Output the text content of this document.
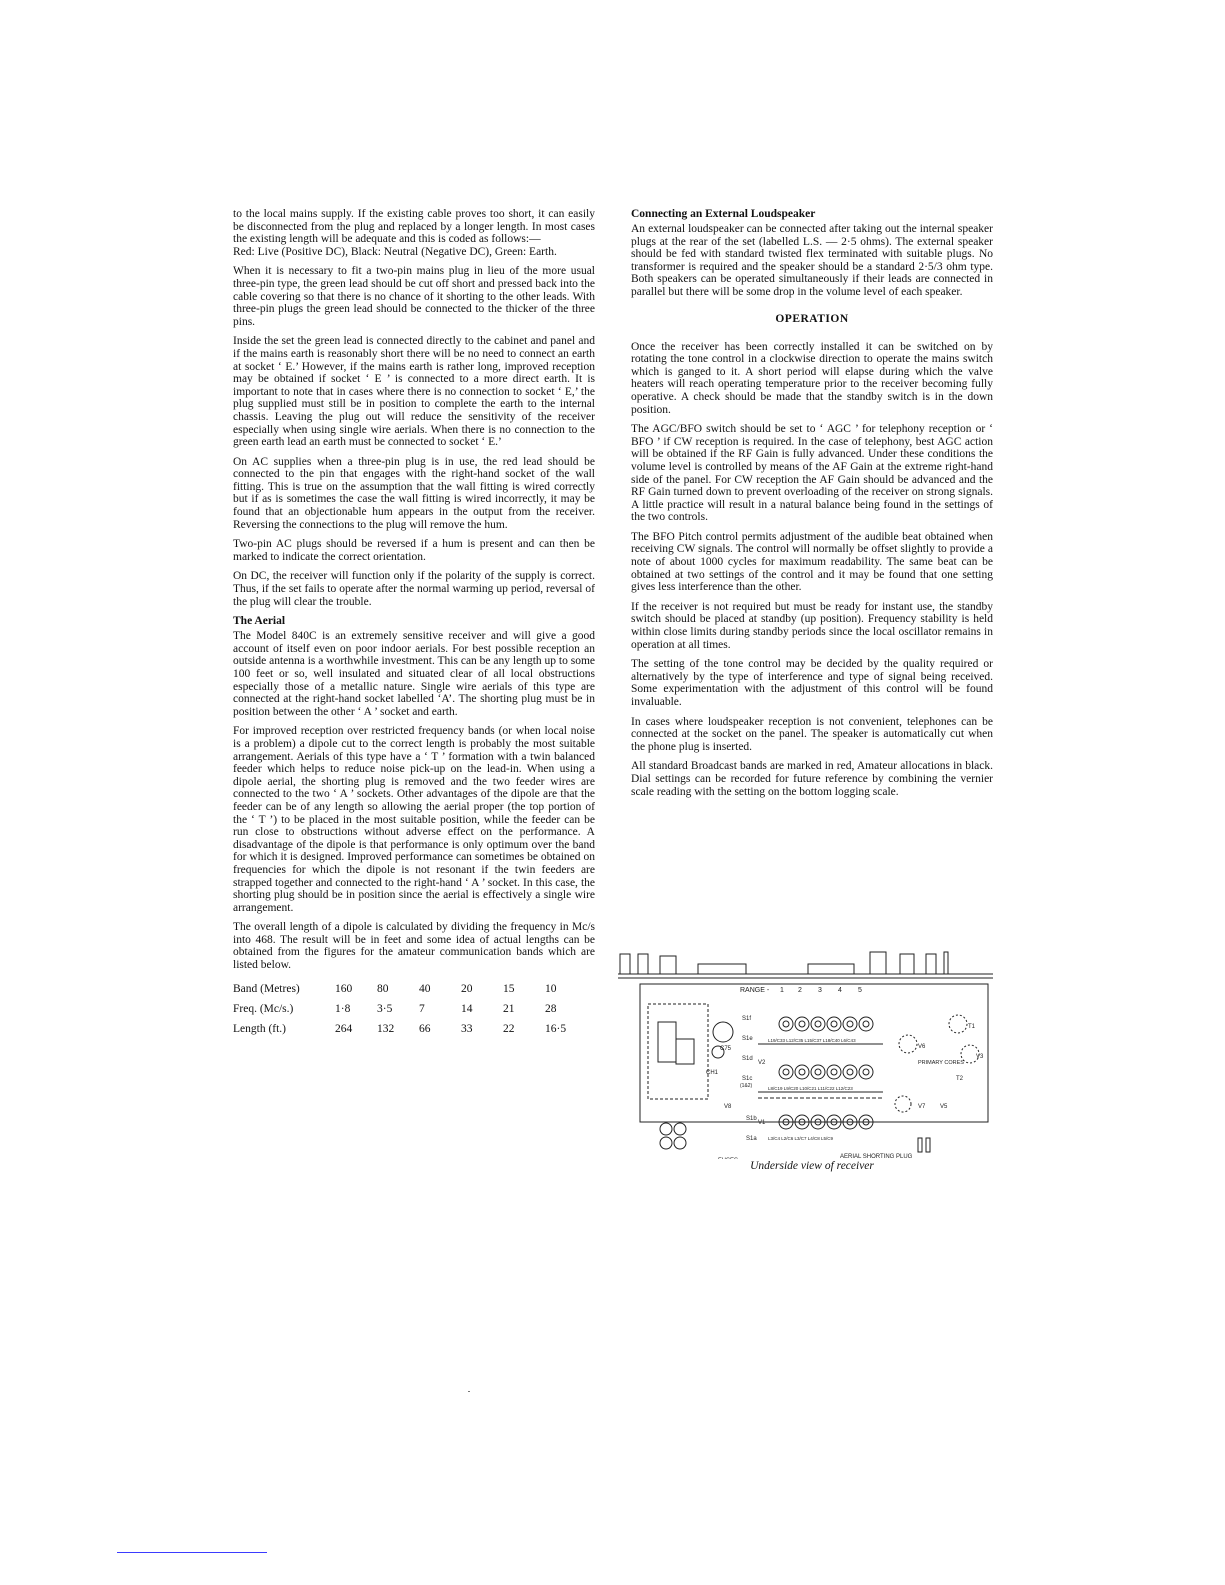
to the local mains supply. If the existing cable proves too short, it can easily be disconnected from the plug and replaced by a longer length. In most cases the existing length will be adequate and this is coded as follows:—

Red: Live (Positive DC), Black: Neutral (Negative DC), Green: Earth.

When it is necessary to fit a two-pin mains plug in lieu of the more usual three-pin type, the green lead should be cut off short and pressed back into the cable covering so that there is no chance of it shorting to the other leads. With three-pin plugs the green lead should be connected to the thicker of the three pins.

Inside the set the green lead is connected directly to the cabinet and panel and if the mains earth is reasonably short there will be no need to connect an earth at socket ‘ E.’ However, if the mains earth is rather long, improved reception may be obtained if socket ‘ E ’ is connected to a more direct earth. It is important to note that in cases where there is no connection to socket ‘ E,’ the plug supplied must still be in position to complete the earth to the internal chassis. Leaving the plug out will reduce the sensitivity of the receiver especially when using single wire aerials. When there is no connection to the green earth lead an earth must be connected to socket ‘ E.’

On AC supplies when a three-pin plug is in use, the red lead should be connected to the pin that engages with the right-hand socket of the wall fitting. This is true on the assumption that the wall fitting is wired correctly but if as is sometimes the case the wall fitting is wired incorrectly, it may be found that an objectionable hum appears in the output from the receiver. Reversing the connections to the plug will remove the hum.

Two-pin AC plugs should be reversed if a hum is present and can then be marked to indicate the correct orientation.

On DC, the receiver will function only if the polarity of the supply is correct. Thus, if the set fails to operate after the normal warming up period, reversal of the plug will clear the trouble.

The Aerial

The Model 840C is an extremely sensitive receiver and will give a good account of itself even on poor indoor aerials. For best possible reception an outside antenna is a worthwhile investment. This can be any length up to some 100 feet or so, well insulated and situated clear of all local obstructions especially those of a metallic nature. Single wire aerials of this type are connected at the right-hand socket labelled ‘A’. The shorting plug must be in position between the other ‘ A ’ socket and earth.

For improved reception over restricted frequency bands (or when local noise is a problem) a dipole cut to the correct length is probably the most suitable arrangement. Aerials of this type have a ‘ T ’ formation with a twin balanced feeder which helps to reduce noise pick-up on the lead-in. When using a dipole aerial, the shorting plug is removed and the two feeder wires are connected to the two ‘ A ’ sockets. Other advantages of the dipole are that the feeder can be of any length so allowing the aerial proper (the top portion of the ‘ T ’) to be placed in the most suitable position, while the feeder can be run close to obstructions without adverse effect on the performance. A disadvantage of the dipole is that performance is only optimum over the band for which it is designed. Improved performance can sometimes be obtained on frequencies for which the dipole is not resonant if the twin feeders are strapped together and connected to the right-hand ‘ A ’ socket. In this case, the shorting plug should be in position since the aerial is effectively a single wire arrangement.

The overall length of a dipole is calculated by dividing the frequency in Mc/s into 468. The result will be in feet and some idea of actual lengths can be obtained from the figures for the amateur communication bands which are listed below.

Band (Metres)	160	80	40	20	15	10
Freq. (Mc/s.)	1·8	3·5	7	14	21	28
Length (ft.)	264	132	66	33	22	16·5
Connecting an External Loudspeaker

An external loudspeaker can be connected after taking out the internal speaker plugs at the rear of the set (labelled L.S. — 2·5 ohms). The external speaker should be fed with standard twisted flex terminated with suitable plugs. No transformer is required and the speaker should be a standard 2·5/3 ohm type. Both speakers can be operated simultaneously if their leads are connected in parallel but there will be some drop in the volume level of each speaker.

OPERATION

Once the receiver has been correctly installed it can be switched on by rotating the tone control in a clockwise direction to operate the mains switch which is ganged to it. A short period will elapse during which the valve heaters will reach operating temperature prior to the receiver becoming fully operative. A check should be made that the standby switch is in the down position.

The AGC/BFO switch should be set to ‘ AGC ’ for telephony reception or ‘ BFO ’ if CW reception is required. In the case of telephony, best AGC action will be obtained if the RF Gain is fully advanced. Under these conditions the volume level is controlled by means of the AF Gain at the extreme right-hand side of the panel. For CW reception the AF Gain should be advanced and the RF Gain turned down to prevent overloading of the receiver on strong signals. A little practice will result in a natural balance being found in the settings of the two controls.

The BFO Pitch control permits adjustment of the audible beat obtained when receiving CW signals. The control will normally be offset slightly to provide a note of about 1000 cycles for maximum readability. The same beat can be obtained at two settings of the control and it may be found that one setting gives less interference than the other.

If the receiver is not required but must be ready for instant use, the standby switch should be placed at standby (up position). Frequency stability is held within close limits during standby periods since the local oscillator remains in operation at all times.

The setting of the tone control may be decided by the quality required or alternatively by the type of interference and type of signal being received. Some experimentation with the adjustment of this control will be found invaluable.

In cases where loudspeaker reception is not convenient, telephones can be connected at the socket on the panel. The speaker is automatically cut when the phone plug is inserted.

All standard Broadcast bands are marked in red, Amateur allocations in black. Dial settings can be recorded for future reference by combining the vernier scale reading with the setting on the bottom logging scale.

RANGE - 1 2 3 4 5
C75
CH1
V8
S1f
S1e
S1d
S1c
(1&2)
S1b
S1a
V2
V1
L19/C33 L12/C35 L15/C37 L18/C40 L6/C43
L8/C19 L9/C20 L10/C21 L11/C22 L12/C23
L3/C4 L2/C6 L3/C7 L4/C8 L5/C9
V6
T1
V3
T2
V7 V5
PRIMARY CORES
AERIAL SHORTING PLUG
Underside view of receiver
